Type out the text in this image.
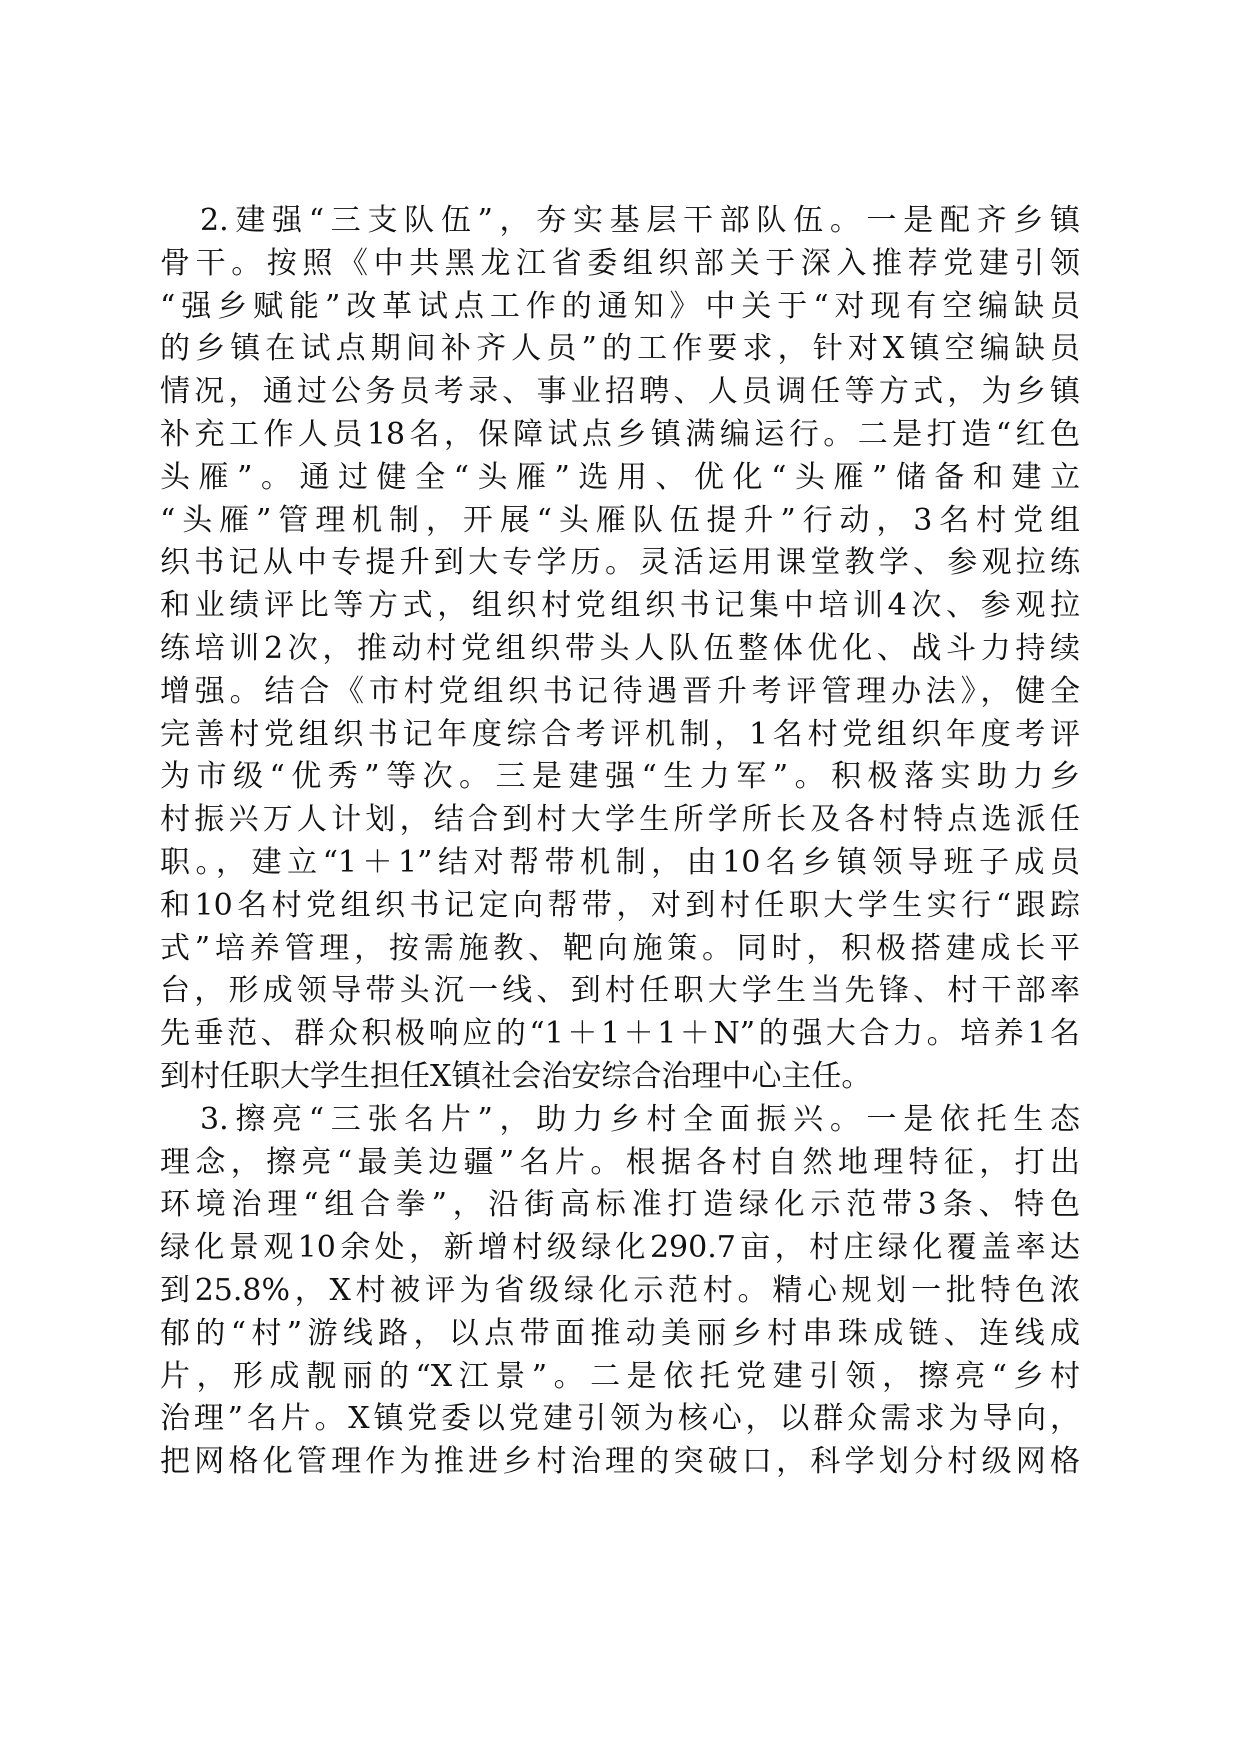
2.建强“三支队伍”，夯实基层干部队伍。一是配齐乡镇
骨干。按照《中共黑龙江省委组织部关于深入推荐党建引领
“强乡赋能”改革试点工作的通知》中关于“对现有空编缺员
的乡镇在试点期间补齐人员”的工作要求，针对X镇空编缺员
情况，通过公务员考录、事业招聘、人员调任等方式，为乡镇
补充工作人员18名，保障试点乡镇满编运行。二是打造“红色
头雁”。通过健全“头雁”选用、优化“头雁”储备和建立
“头雁”管理机制，开展“头雁队伍提升”行动，3名村党组
织书记从中专提升到大专学历。灵活运用课堂教学、参观拉练
和业绩评比等方式，组织村党组织书记集中培训4次、参观拉
练培训2次，推动村党组织带头人队伍整体优化、战斗力持续
增强。结合《市村党组织书记待遇晋升考评管理办法》，健全
完善村党组织书记年度综合考评机制，1名村党组织年度考评
为市级“优秀”等次。三是建强“生力军”。积极落实助力乡
村振兴万人计划，结合到村大学生所学所长及各村特点选派任
职。，建立“1＋1”结对帮带机制，由10名乡镇领导班子成员
和10名村党组织书记定向帮带，对到村任职大学生实行“跟踪
式”培养管理，按需施教、靶向施策。同时，积极搭建成长平
台，形成领导带头沉一线、到村任职大学生当先锋、村干部率
先垂范、群众积极响应的“1＋1＋1＋N”的强大合力。培养1名
到村任职大学生担任X镇社会治安综合治理中心主任。
3.擦亮“三张名片”，助力乡村全面振兴。一是依托生态
理念，擦亮“最美边疆”名片。根据各村自然地理特征，打出
环境治理“组合拳”，沿街高标准打造绿化示范带3条、特色
绿化景观10余处，新增村级绿化290.7亩，村庄绿化覆盖率达
到25.8%，X村被评为省级绿化示范村。精心规划一批特色浓
郁的“村”游线路，以点带面推动美丽乡村串珠成链、连线成
片，形成靓丽的“X江景”。二是依托党建引领，擦亮“乡村
治理”名片。X镇党委以党建引领为核心，以群众需求为导向，
把网格化管理作为推进乡村治理的突破口，科学划分村级网格
